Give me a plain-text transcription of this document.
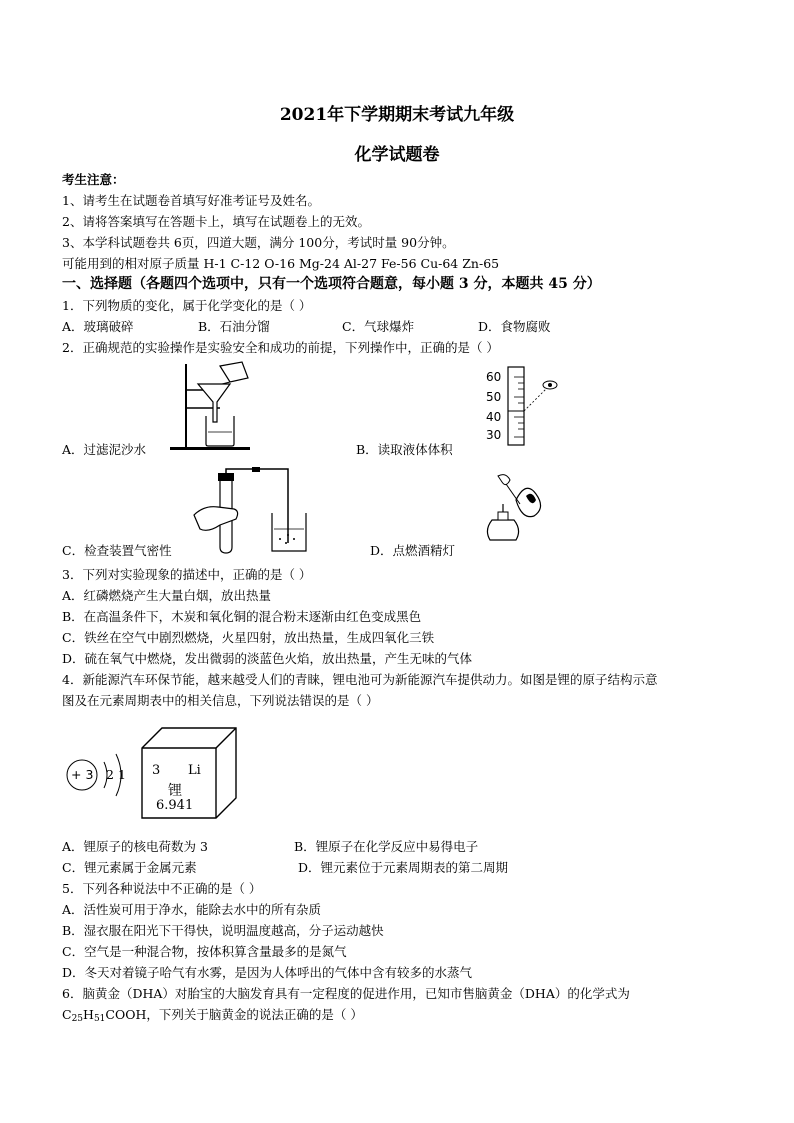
2021年下学期期末考试九年级
化学试题卷
考生注意：
1、请考生在试题卷首填写好准考证号及姓名。
2、请将答案填写在答题卡上，填写在试题卷上的无效。
3、本学科试题卷共 6页，四道大题，满分 100分，考试时量 90分钟。
可能用到的相对原子质量 H-1 C-12 O-16 Mg-24 Al-27 Fe-56 Cu-64 Zn-65
一、选择题（各题四个选项中，只有一个选项符合题意，每小题 3 分，本题共 45 分）
1．下列物质的变化，属于化学变化的是（ ）
A．玻璃破碎	B．石油分馏	C．气球爆炸	D．食物腐败
2．正确规范的实验操作是实验安全和成功的前提，下列操作中，正确的是（ ）
A．过滤泥沙水
60
50
40
30
B．读取液体体积
C．检查装置气密性	D．点燃酒精灯
3．下列对实验现象的描述中，正确的是（ ）
A．红磷燃烧产生大量白烟，放出热量
B．在高温条件下，木炭和氧化铜的混合粉末逐渐由红色变成黑色
C．铁丝在空气中剧烈燃烧，火星四射，放出热量，生成四氧化三铁
D．硫在氧气中燃烧，发出微弱的淡蓝色火焰，放出热量，产生无味的气体
4．新能源汽车环保节能，越来越受人们的青睐，锂电池可为新能源汽车提供动力。如图是锂的原子结构示意
图及在元素周期表中的相关信息，下列说法错误的是（ ）
+ 3 2 1 3 Li
锂
6.941
A．锂原子的核电荷数为 3	B．锂原子在化学反应中易得电子
C．锂元素属于金属元素	D．锂元素位于元素周期表的第二周期
5．下列各种说法中不正确的是（ ）
A．活性炭可用于净水，能除去水中的所有杂质
B．湿衣服在阳光下干得快，说明温度越高，分子运动越快
C．空气是一种混合物，按体积算含量最多的是氮气
D．冬天对着镜子哈气有水雾，是因为人体呼出的气体中含有较多的水蒸气
6．脑黄金（DHA）对胎宝的大脑发育具有一定程度的促进作用，已知市售脑黄金（DHA）的化学式为
$C_{25}H_{51}COOH$，下列关于脑黄金的说法正确的是（ ）
